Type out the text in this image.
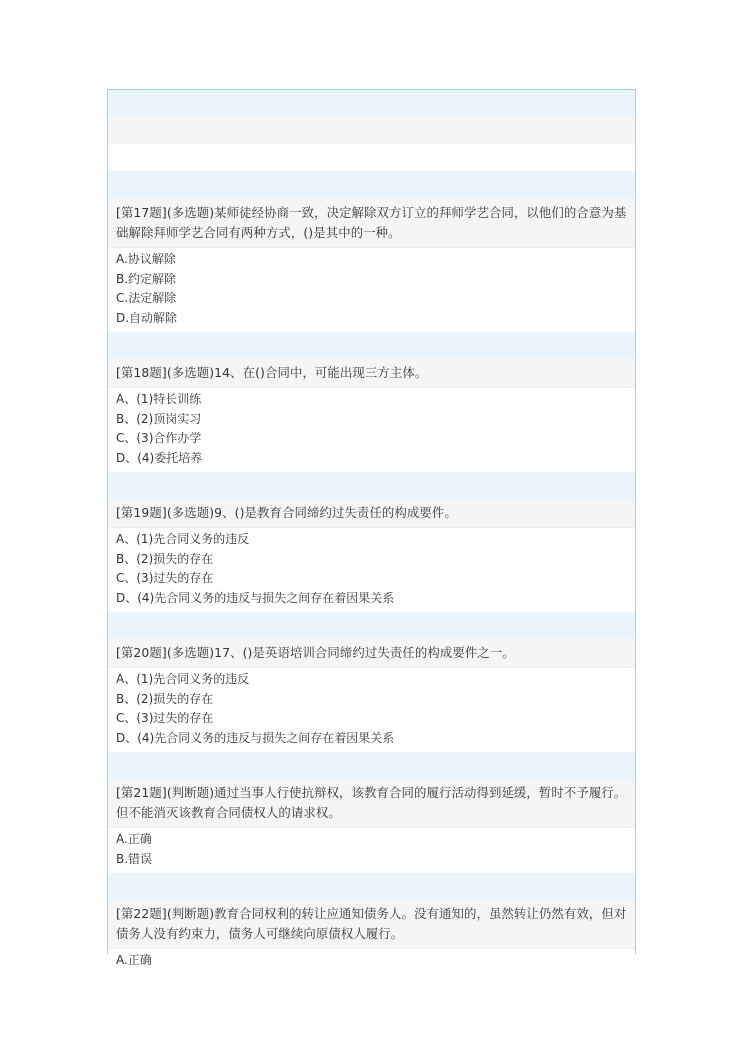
[第17题](多选题)某师徒经协商一致，决定解除双方订立的拜师学艺合同，以他们的合意为基础解除拜师学艺合同有两种方式，()是其中的一种。
A.协议解除
B.约定解除
C.法定解除
D.自动解除
[第18题](多选题)14、在()合同中，可能出现三方主体。
A、(1)特长训练
B、(2)顶岗实习
C、(3)合作办学
D、(4)委托培养
[第19题](多选题)9、()是教育合同缔约过失责任的构成要件。
A、(1)先合同义务的违反
B、(2)损失的存在
C、(3)过失的存在
D、(4)先合同义务的违反与损失之间存在着因果关系
[第20题](多选题)17、()是英语培训合同缔约过失责任的构成要件之一。
A、(1)先合同义务的违反
B、(2)损失的存在
C、(3)过失的存在
D、(4)先合同义务的违反与损失之间存在着因果关系
[第21题](判断题)通过当事人行使抗辩权，该教育合同的履行活动得到延缓，暂时不予履行。但不能消灭该教育合同债权人的请求权。
A.正确
B.错误
[第22题](判断题)教育合同权利的转让应通知债务人。没有通知的，虽然转让仍然有效，但对债务人没有约束力，债务人可继续向原债权人履行。
A.正确
